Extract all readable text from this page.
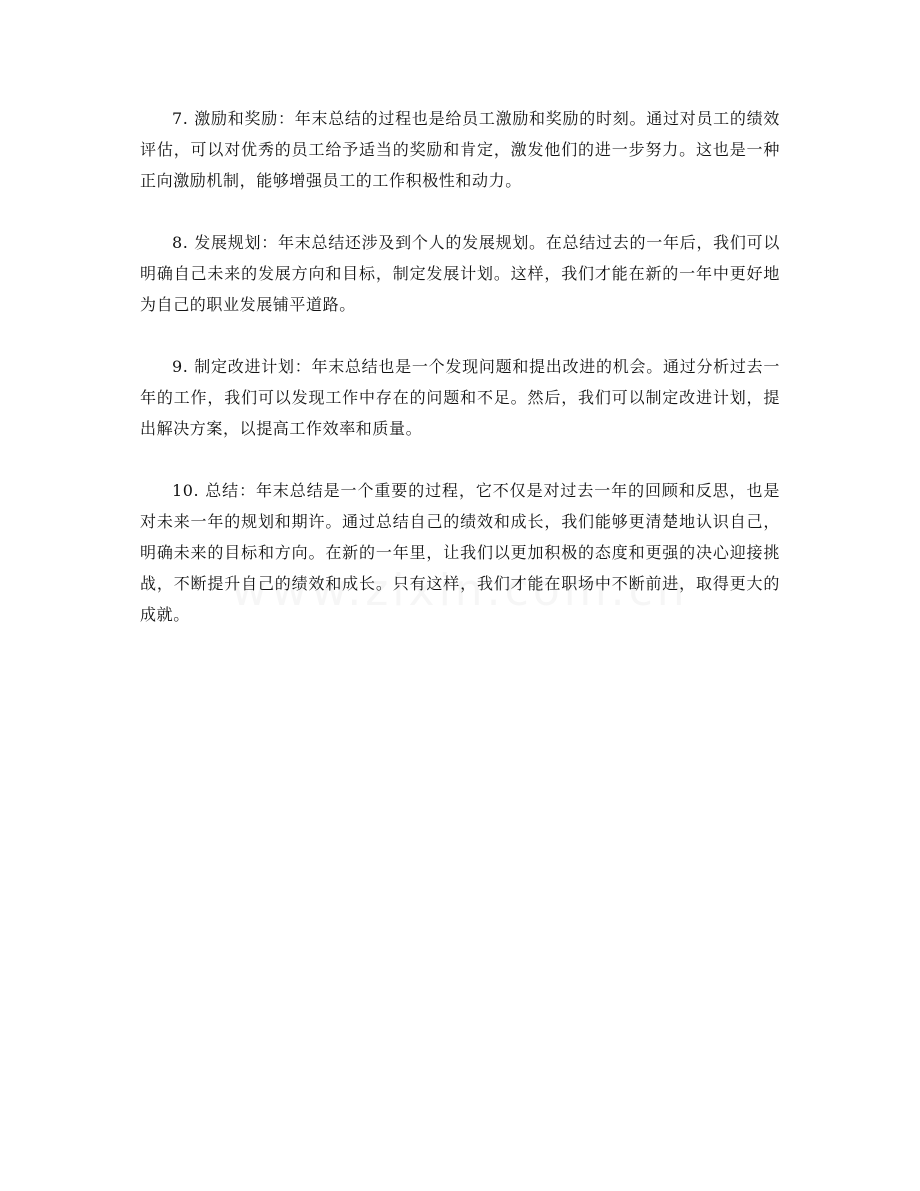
7. 激励和奖励：年末总结的过程也是给员工激励和奖励的时刻。通过对员工的绩效评估，可以对优秀的员工给予适当的奖励和肯定，激发他们的进一步努力。这也是一种正向激励机制，能够增强员工的工作积极性和动力。

8. 发展规划：年末总结还涉及到个人的发展规划。在总结过去的一年后，我们可以明确自己未来的发展方向和目标，制定发展计划。这样，我们才能在新的一年中更好地为自己的职业发展铺平道路。

9. 制定改进计划：年末总结也是一个发现问题和提出改进的机会。通过分析过去一年的工作，我们可以发现工作中存在的问题和不足。然后，我们可以制定改进计划，提出解决方案，以提高工作效率和质量。

10. 总结：年末总结是一个重要的过程，它不仅是对过去一年的回顾和反思，也是对未来一年的规划和期许。通过总结自己的绩效和成长，我们能够更清楚地认识自己，明确未来的目标和方向。在新的一年里，让我们以更加积极的态度和更强的决心迎接挑战，不断提升自己的绩效和成长。只有这样，我们才能在职场中不断前进，取得更大的成就。
